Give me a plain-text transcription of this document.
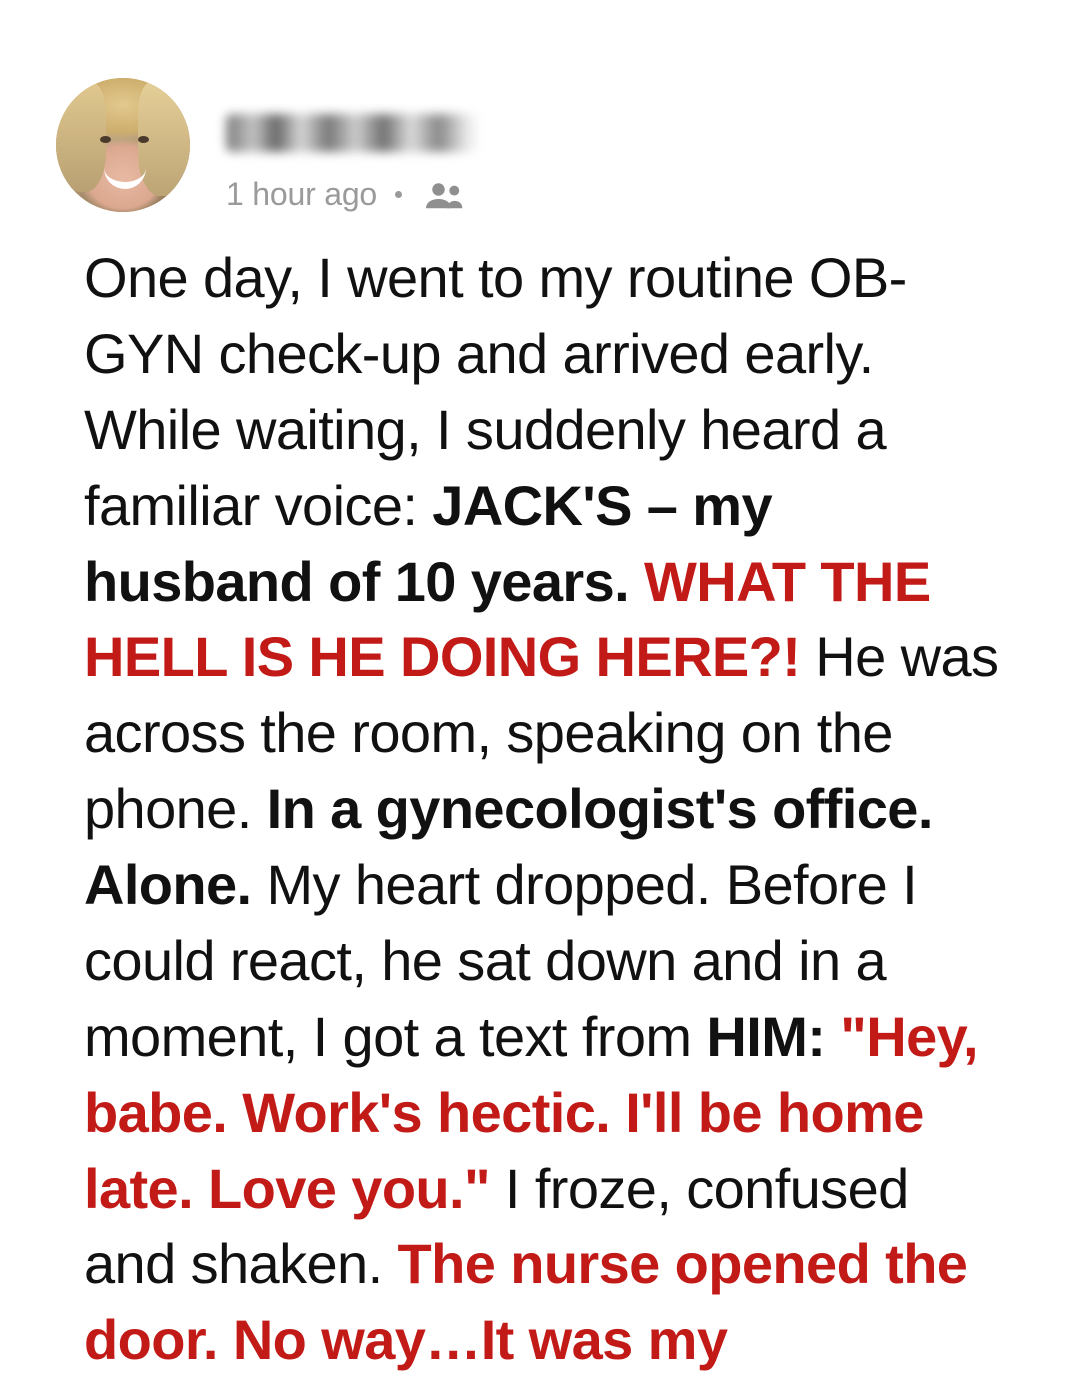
1 hour ago
One day, I went to my routine OB-GYN check-up and arrived early. While waiting, I suddenly heard a familiar voice: JACK'S – my husband of 10 years. WHAT THE HELL IS HE DOING HERE?! He was across the room, speaking on the phone. In a gynecologist's office. Alone. My heart dropped. Before I could react, he sat down and in a moment, I got a text from HIM: "Hey, babe. Work's hectic. I'll be home late. Love you." I froze, confused and shaken. The nurse opened the door. No way…It was my
